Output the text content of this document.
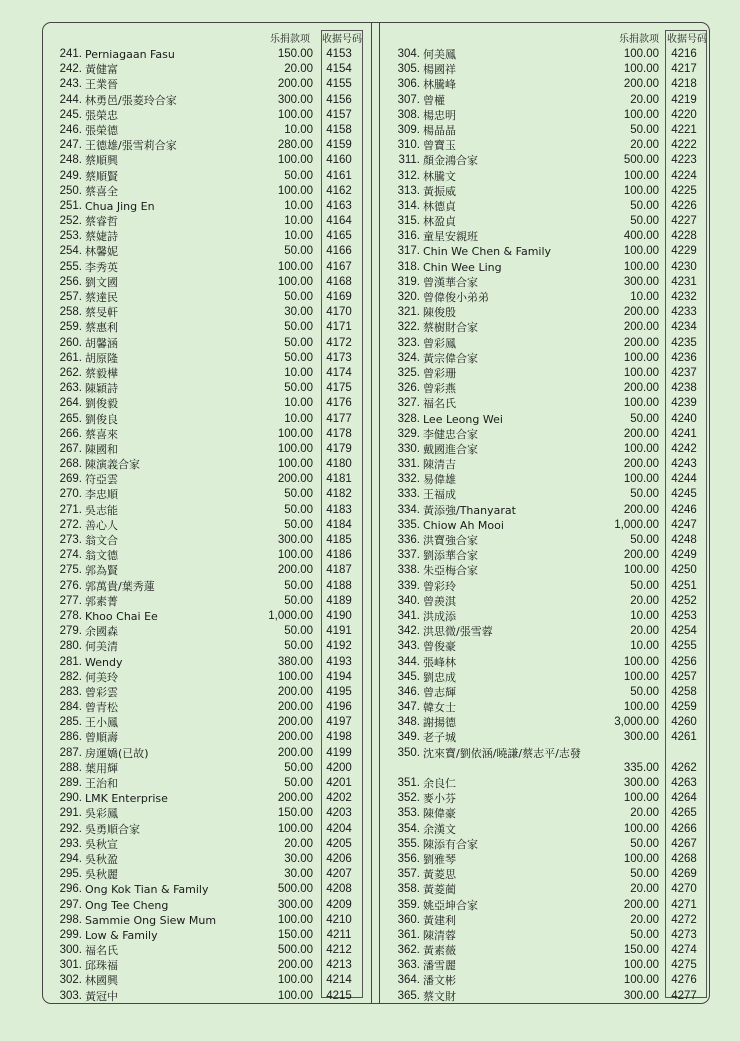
乐捐款项 收据号码	乐捐款项 收据号码
241. Perniagaan Fasu	150.00	4153
242. 黃健富	20.00	4154
243. 王業晉	200.00	4155
244. 林勇邑/張菱玲合家	300.00	4156
245. 張榮忠	100.00	4157
246. 張榮德	10.00	4158
247. 王德雄/張雪莉合家	280.00	4159
248. 蔡順興	100.00	4160
249. 蔡順賢	50.00	4161
250. 蔡喜全	100.00	4162
251. Chua Jing En	10.00	4163
252. 蔡睿哲	10.00	4164
253. 蔡婕詩	10.00	4165
254. 林馨妮	50.00	4166
255. 李秀英	100.00	4167
256. 劉文國	100.00	4168
257. 蔡達民	50.00	4169
258. 蔡旻軒	30.00	4170
259. 蔡惠利	50.00	4171
260. 胡馨涵	50.00	4172
261. 胡原隆	50.00	4173
262. 蔡毅樺	10.00	4174
263. 陳穎詩	50.00	4175
264. 劉俊毅	10.00	4176
265. 劉俊良	10.00	4177
266. 蔡喜來	100.00	4178
267. 陳國和	100.00	4179
268. 陳演義合家	100.00	4180
269. 符亞雲	200.00	4181
270. 李忠順	50.00	4182
271. 吳志能	50.00	4183
272. 善心人	50.00	4184
273. 翁文合	300.00	4185
274. 翁文德	100.00	4186
275. 郭為賢	200.00	4187
276. 郭萬貴/葉秀蓮	50.00	4188
277. 郭素菁	50.00	4189
278. Khoo Chai Ee	1,000.00	4190
279. 余國森	50.00	4191
280. 何美清	50.00	4192
281. Wendy	380.00	4193
282. 何美玲	100.00	4194
283. 曾彩雲	200.00	4195
284. 曾青松	200.00	4196
285. 王小鳳	200.00	4197
286. 曾順壽	200.00	4198
287. 房運嬌(已故)	200.00	4199
288. 葉用輝	50.00	4200
289. 王治和	50.00	4201
290. LMK Enterprise	200.00	4202
291. 吳彩鳳	150.00	4203
292. 吳勇順合家	100.00	4204
293. 吳秋宣	20.00	4205
294. 吳秋盈	30.00	4206
295. 吳秋麗	30.00	4207
296. Ong Kok Tian & Family	500.00	4208
297. Ong Tee Cheng	300.00	4209
298. Sammie Ong Siew Mum	100.00	4210
299. Low & Family	150.00	4211
300. 福名氏	500.00	4212
301. 邱珠福	200.00	4213
302. 林國興	100.00	4214
303. 黃冠中	100.00	4215
304. 何美鳳	100.00	4216
305. 楊國祥	100.00	4217
306. 林騰峰	200.00	4218
307. 曾權	20.00	4219
308. 楊忠明	100.00	4220
309. 楊晶晶	50.00	4221
310. 曾寶玉	20.00	4222
311. 顏金鴻合家	500.00	4223
312. 林騰文	100.00	4224
313. 黃振威	100.00	4225
314. 林德貞	50.00	4226
315. 林盈貞	50.00	4227
316. 童星安親班	400.00	4228
317. Chin We Chen & Family	100.00	4229
318. Chin Wee Ling	100.00	4230
319. 曾漢華合家	300.00	4231
320. 曾偉俊小弟弟	10.00	4232
321. 陳俊殷	200.00	4233
322. 蔡樹財合家	200.00	4234
323. 曾彩鳳	200.00	4235
324. 黃宗偉合家	100.00	4236
325. 曾彩珊	100.00	4237
326. 曾彩燕	200.00	4238
327. 福名氏	100.00	4239
328. Lee Leong Wei	50.00	4240
329. 李健忠合家	200.00	4241
330. 戴國進合家	100.00	4242
331. 陳清吉	200.00	4243
332. 易偉雄	100.00	4244
333. 王福成	50.00	4245
334. 黃添強/Thanyarat	200.00	4246
335. Chiow Ah Mooi	1,000.00	4247
336. 洪寶強合家	50.00	4248
337. 劉添華合家	200.00	4249
338. 朱亞梅合家	100.00	4250
339. 曾彩玲	50.00	4251
340. 曾羨淇	20.00	4252
341. 洪成添	10.00	4253
342. 洪思微/張雪蓉	20.00	4254
343. 曾俊豪	10.00	4255
344. 張峰林	100.00	4256
345. 劉忠成	100.00	4257
346. 曾志輝	50.00	4258
347. 韓女士	100.00	4259
348. 謝揚德	3,000.00	4260
349. 老子城	300.00	4261
350. 沈來寶/劉依涵/曉謙/蔡志平/志發
335.00	4262
351. 余良仁	300.00	4263
352. 麥小芬	100.00	4264
353. 陳偉豪	20.00	4265
354. 余漢文	100.00	4266
355. 陳添有合家	50.00	4267
356. 劉雅琴	100.00	4268
357. 黃菱思	50.00	4269
358. 黃菱蔺	20.00	4270
359. 姚亞坤合家	200.00	4271
360. 黃建利	20.00	4272
361. 陳清蓉	50.00	4273
362. 黃素薇	150.00	4274
363. 潘雪麗	100.00	4275
364. 潘文彬	100.00	4276
365. 蔡文財	300.00	4277
